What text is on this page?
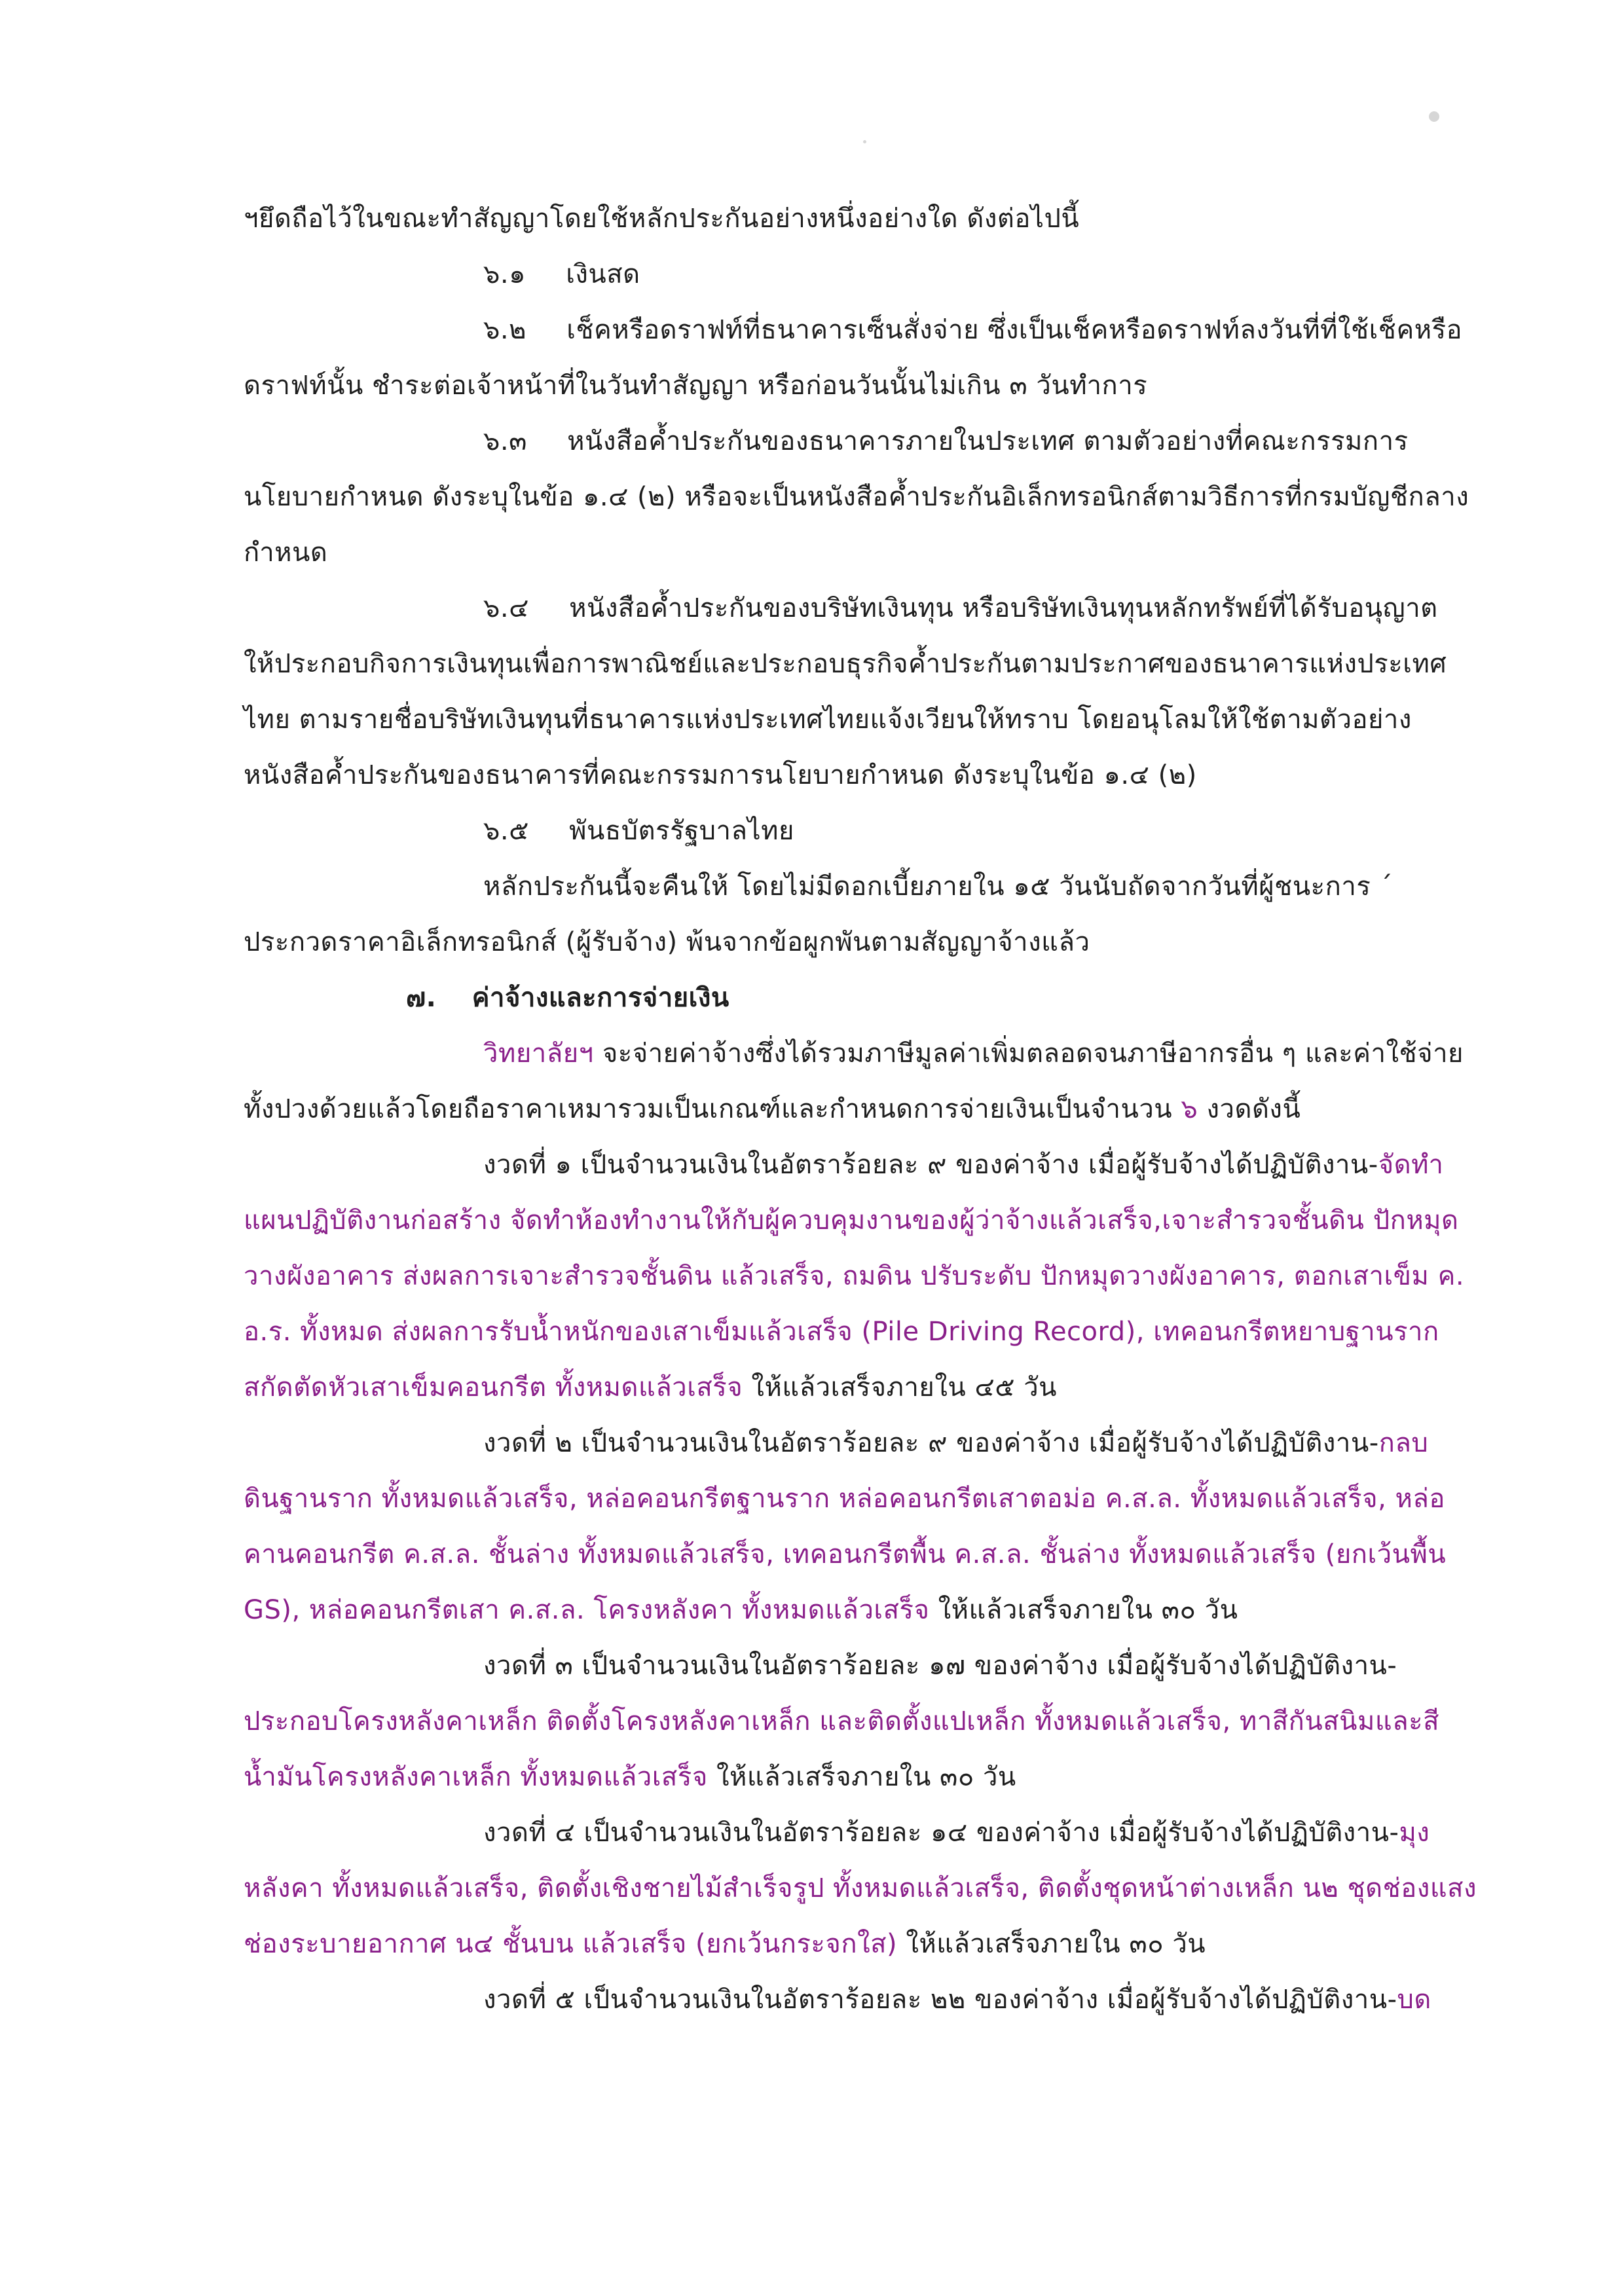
ฯยึดถือไว้ในขณะทำสัญญาโดยใช้หลักประกันอย่างหนึ่งอย่างใด ดังต่อไปนี้
๖.๑ เงินสด
๖.๒ เช็คหรือดราฟท์ที่ธนาคารเซ็นสั่งจ่าย ซึ่งเป็นเช็คหรือดราฟท์ลงวันที่ที่ใช้เช็คหรือ
ดราฟท์นั้น ชำระต่อเจ้าหน้าที่ในวันทำสัญญา หรือก่อนวันนั้นไม่เกิน ๓ วันทำการ
๖.๓ หนังสือค้ำประกันของธนาคารภายในประเทศ ตามตัวอย่างที่คณะกรรมการ
นโยบายกำหนด ดังระบุในข้อ ๑.๔ (๒) หรือจะเป็นหนังสือค้ำประกันอิเล็กทรอนิกส์ตามวิธีการที่กรมบัญชีกลาง
กำหนด
๖.๔ หนังสือค้ำประกันของบริษัทเงินทุน หรือบริษัทเงินทุนหลักทรัพย์ที่ได้รับอนุญาต
ให้ประกอบกิจการเงินทุนเพื่อการพาณิชย์และประกอบธุรกิจค้ำประกันตามประกาศของธนาคารแห่งประเทศ
ไทย ตามรายชื่อบริษัทเงินทุนที่ธนาคารแห่งประเทศไทยแจ้งเวียนให้ทราบ โดยอนุโลมให้ใช้ตามตัวอย่าง
หนังสือค้ำประกันของธนาคารที่คณะกรรมการนโยบายกำหนด ดังระบุในข้อ ๑.๔ (๒)
๖.๕ พันธบัตรรัฐบาลไทย
หลักประกันนี้จะคืนให้ โดยไม่มีดอกเบี้ยภายใน ๑๕ วันนับถัดจากวันที่ผู้ชนะการ ´
ประกวดราคาอิเล็กทรอนิกส์ (ผู้รับจ้าง) พ้นจากข้อผูกพันตามสัญญาจ้างแล้ว
๗. ค่าจ้างและการจ่ายเงิน
วิทยาลัยฯ จะจ่ายค่าจ้างซึ่งได้รวมภาษีมูลค่าเพิ่มตลอดจนภาษีอากรอื่น ๆ และค่าใช้จ่าย
ทั้งปวงด้วยแล้วโดยถือราคาเหมารวมเป็นเกณฑ์และกำหนดการจ่ายเงินเป็นจำนวน ๖ งวดดังนี้
งวดที่ ๑ เป็นจำนวนเงินในอัตราร้อยละ ๙ ของค่าจ้าง เมื่อผู้รับจ้างได้ปฏิบัติงาน-จัดทำ
แผนปฏิบัติงานก่อสร้าง จัดทำห้องทำงานให้กับผู้ควบคุมงานของผู้ว่าจ้างแล้วเสร็จ,เจาะสำรวจชั้นดิน ปักหมุด
วางผังอาคาร ส่งผลการเจาะสำรวจชั้นดิน แล้วเสร็จ, ถมดิน ปรับระดับ ปักหมุดวางผังอาคาร, ตอกเสาเข็ม ค.
อ.ร. ทั้งหมด ส่งผลการรับน้ำหนักของเสาเข็มแล้วเสร็จ (Pile Driving Record), เทคอนกรีตหยาบฐานราก
สกัดตัดหัวเสาเข็มคอนกรีต ทั้งหมดแล้วเสร็จ ให้แล้วเสร็จภายใน ๔๕ วัน
งวดที่ ๒ เป็นจำนวนเงินในอัตราร้อยละ ๙ ของค่าจ้าง เมื่อผู้รับจ้างได้ปฏิบัติงาน-กลบ
ดินฐานราก ทั้งหมดแล้วเสร็จ, หล่อคอนกรีตฐานราก หล่อคอนกรีตเสาตอม่อ ค.ส.ล. ทั้งหมดแล้วเสร็จ, หล่อ
คานคอนกรีต ค.ส.ล. ชั้นล่าง ทั้งหมดแล้วเสร็จ, เทคอนกรีตพื้น ค.ส.ล. ชั้นล่าง ทั้งหมดแล้วเสร็จ (ยกเว้นพื้น
GS), หล่อคอนกรีตเสา ค.ส.ล. โครงหลังคา ทั้งหมดแล้วเสร็จ ให้แล้วเสร็จภายใน ๓๐ วัน
งวดที่ ๓ เป็นจำนวนเงินในอัตราร้อยละ ๑๗ ของค่าจ้าง เมื่อผู้รับจ้างได้ปฏิบัติงาน-
ประกอบโครงหลังคาเหล็ก ติดตั้งโครงหลังคาเหล็ก และติดตั้งแปเหล็ก ทั้งหมดแล้วเสร็จ, ทาสีกันสนิมและสี
น้ำมันโครงหลังคาเหล็ก ทั้งหมดแล้วเสร็จ ให้แล้วเสร็จภายใน ๓๐ วัน
งวดที่ ๔ เป็นจำนวนเงินในอัตราร้อยละ ๑๔ ของค่าจ้าง เมื่อผู้รับจ้างได้ปฏิบัติงาน-มุง
หลังคา ทั้งหมดแล้วเสร็จ, ติดตั้งเชิงชายไม้สำเร็จรูป ทั้งหมดแล้วเสร็จ, ติดตั้งชุดหน้าต่างเหล็ก น๒ ชุดช่องแสง
ช่องระบายอากาศ น๔ ชั้นบน แล้วเสร็จ (ยกเว้นกระจกใส) ให้แล้วเสร็จภายใน ๓๐ วัน
งวดที่ ๕ เป็นจำนวนเงินในอัตราร้อยละ ๒๒ ของค่าจ้าง เมื่อผู้รับจ้างได้ปฏิบัติงาน-บด
